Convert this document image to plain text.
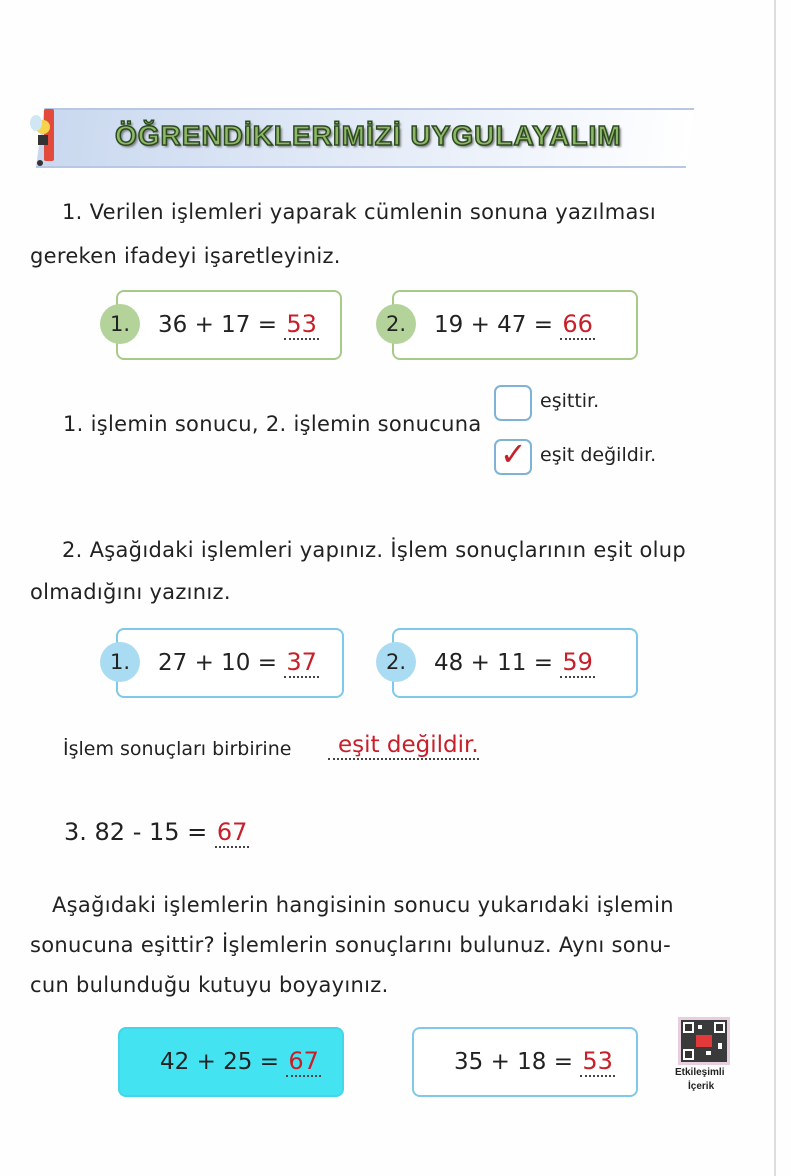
ÖĞRENDİKLERİMİZİ UYGULAYALIM
1. Verilen işlemleri yaparak cümlenin sonuna yazılması
gereken ifadeyi işaretleyiniz.
1.	36 + 17 = 53	2.	19 + 47 = 66
1. işlemin sonucu, 2. işlemin sonucuna
eşittir.
✓ eşit değildir.
2. Aşağıdaki işlemleri yapınız. İşlem sonuçlarının eşit olup
olmadığını yazınız.
1.	27 + 10 = 37	2.	48 + 11 = 59
İşlem sonuçları birbirine	eşit değildir.
3. 82 - 15 = 67
Aşağıdaki işlemlerin hangisinin sonucu yukarıdaki işlemin
sonucuna eşittir? İşlemlerin sonuçlarını bulunuz. Aynı sonu-
cun bulunduğu kutuyu boyayınız.
42 + 25 = 67	35 + 18 = 53	Etkileşimli
İçerik
